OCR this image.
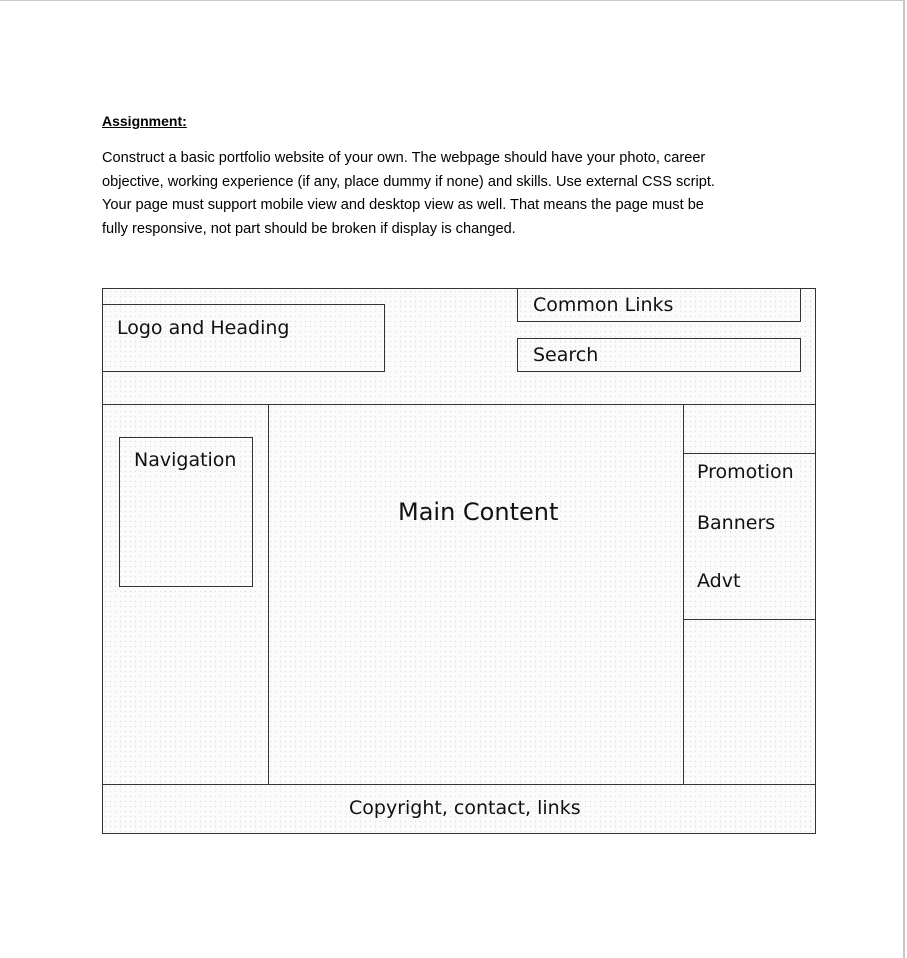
Assignment:
Construct a basic portfolio website of your own. The webpage should have your photo, career
objective, working experience (if any, place dummy if none) and skills. Use external CSS script.
Your page must support mobile view and desktop view as well. That means the page must be
fully responsive, not part should be broken if display is changed.
Logo and Heading
Common Links
Search
Navigation
Main Content
Promotion
Banners
Advt
Copyright, contact, links
